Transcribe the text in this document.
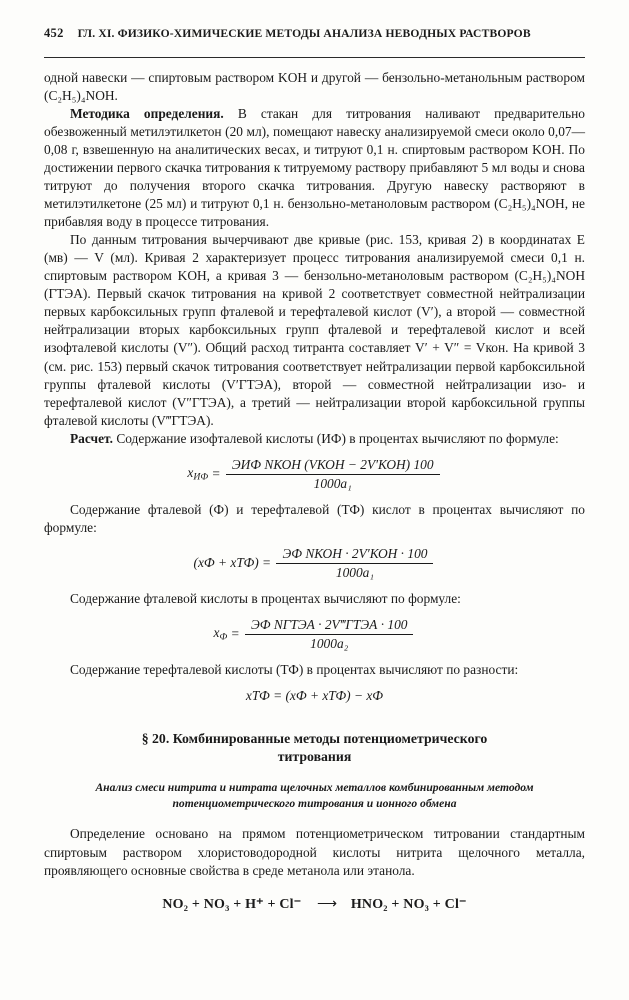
452 ГЛ. XI. ФИЗИКО-ХИМИЧЕСКИЕ МЕТОДЫ АНАЛИЗА НЕВОДНЫХ РАСТВОРОВ

одной навески — спиртовым раствором KOH и другой — бензольно-метанольным раствором (C₂H₅)₄NOH.

Методика определения. В стакан для титрования наливают предварительно обезвоженный метилэтилкетон (20 мл), помещают навеску анализируемой смеси около 0,07—0,08 г, взвешенную на аналитических весах, и титруют 0,1 н. спиртовым раствором KOH. По достижении первого скачка титрования к титруемому раствору прибавляют 5 мл воды и снова титруют до получения второго скачка титрования. Другую навеску растворяют в метилэтилкетоне (25 мл) и титруют 0,1 н. бензольно-метаноловым раствором (C₂H₅)₄NOH, не прибавляя воду в процессе титрования.

По данным титрования вычерчивают две кривые (рис. 153, кривая 2) в координатах E (мв) — V (мл). Кривая 2 характеризует процесс титрования анализируемой смеси 0,1 н. спиртовым раствором KOH, а кривая 3 — бензольно-метаноловым раствором (C₂H₅)₄NOH (ГТЭА). Первый скачок титрования на кривой 2 соответствует совместной нейтрализации первых карбоксильных групп фталевой и терефталевой кислот (V′), а второй — совместной нейтрализации вторых карбоксильных групп фталевой и терефталевой кислот и всей изофталевой кислоты (V″). Общий расход титранта составляет V′ + V″ = Vкон. На кривой 3 (см. рис. 153) первый скачок титрования соответствует нейтрализации первой карбоксильной группы фталевой кислоты (V′ГТЭА), второй — совместной нейтрализации изо- и терефталевой кислот (V″ГТЭА), а третий — нейтрализации второй карбоксильной группы фталевой кислоты (V‴ГТЭА).

Расчет. Содержание изофталевой кислоты (ИФ) в процентах вычисляют по формуле:

$x_{ИФ} = \frac{\text{ЭИФ NКОН (VКОН − 2V′КОН) 100}}{\text{1000a₁}}$

Содержание фталевой (Ф) и терефталевой (ТФ) кислот в процентах вычисляют по формуле:

$(xФ + xТФ) = \frac{\text{ЭФ NКОН · 2V′КОН · 100}}{\text{1000a₁}}$

Содержание фталевой кислоты в процентах вычисляют по формуле:

$x_Ф = \frac{\text{ЭФ NГТЭА · 2V‴ГТЭА · 100}}{\text{1000a₂}}$

Содержание терефталевой кислоты (ТФ) в процентах вычисляют по разности:

xТФ = (xФ + xТФ) − xФ
§ 20. Комбинированные методы потенциометрического
титрования
Анализ смеси нитрита и нитрата щелочных металлов комбинированным методом потенциометрического титрования и ионного обмена

Определение основано на прямом потенциометрическом титровании стандартным спиртовым раствором хлористоводородной кислоты нитрита щелочного металла, проявляющего основные свойства в среде метанола или этанола.

NO₂ + NO₃ + H⁺ + Cl⁻ ⟶ HNO₂ + NO₃ + Cl⁻
